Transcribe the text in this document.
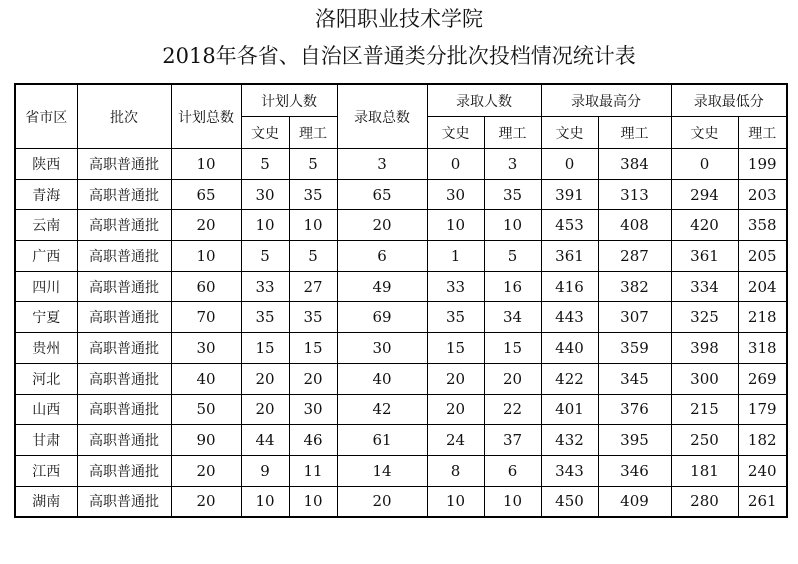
洛阳职业技术学院
2018年各省、自治区普通类分批次投档情况统计表
省市区	批次	计划总数	计划人数		录取总数	录取人数		录取最高分		录取最低分	
			文史	理工		文史	理工	文史	理工	文史	理工
陕西	高职普通批	10	5	5	3	0	3	0	384	0	199
青海	高职普通批	65	30	35	65	30	35	391	313	294	203
云南	高职普通批	20	10	10	20	10	10	453	408	420	358
广西	高职普通批	10	5	5	6	1	5	361	287	361	205
四川	高职普通批	60	33	27	49	33	16	416	382	334	204
宁夏	高职普通批	70	35	35	69	35	34	443	307	325	218
贵州	高职普通批	30	15	15	30	15	15	440	359	398	318
河北	高职普通批	40	20	20	40	20	20	422	345	300	269
山西	高职普通批	50	20	30	42	20	22	401	376	215	179
甘肃	高职普通批	90	44	46	61	24	37	432	395	250	182
江西	高职普通批	20	9	11	14	8	6	343	346	181	240
湖南	高职普通批	20	10	10	20	10	10	450	409	280	261
